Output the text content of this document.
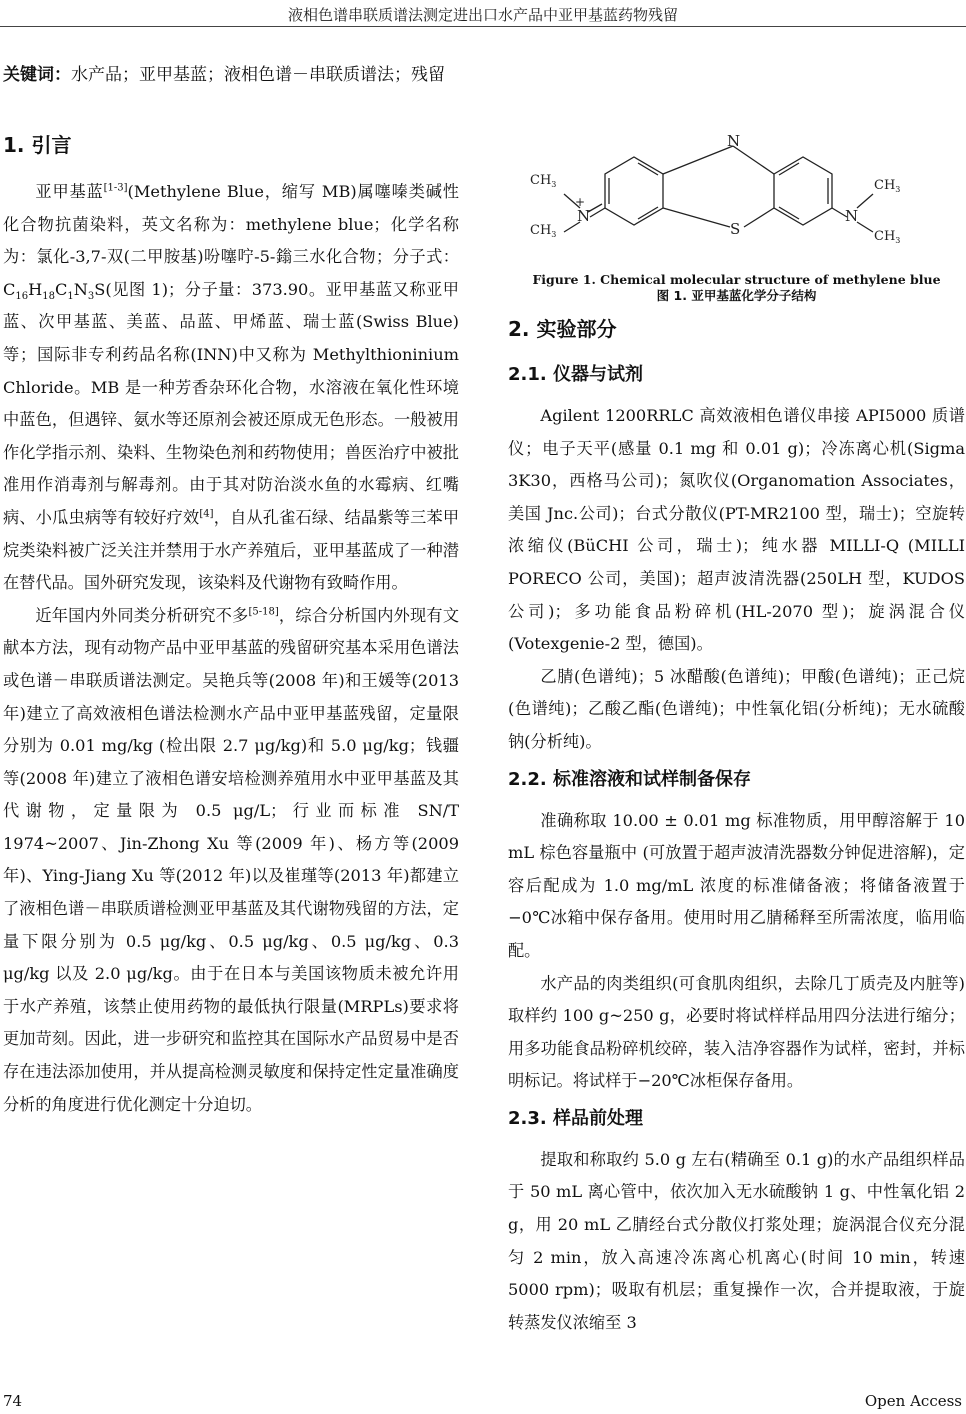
液相色谱串联质谱法测定进出口水产品中亚甲基蓝药物残留
关键词：水产品；亚甲基蓝；液相色谱－串联质谱法；残留
1. 引言

亚甲基蓝[1-3](Methylene Blue，缩写 MB)属噻嗪类碱性化合物抗菌染料，英文名称为：methylene blue；化学名称为：氯化-3,7-双(二甲胺基)吩噻咛-5-鎓三水化合物；分子式：$C_{16}H_{18}C_1N_3S$(见图 1)；分子量：373.90。亚甲基蓝又称亚甲蓝、次甲基蓝、美蓝、品蓝、甲烯蓝、瑞士蓝(Swiss Blue)等；国际非专利药品名称(INN)中又称为 Methylthioninium Chloride。MB 是一种芳香杂环化合物，水溶液在氧化性环境中蓝色，但遇锌、氨水等还原剂会被还原成无色形态。一般被用作化学指示剂、染料、生物染色剂和药物使用；兽医治疗中被批准用作消毒剂与解毒剂。由于其对防治淡水鱼的水霉病、红嘴病、小瓜虫病等有较好疗效[4]，自从孔雀石绿、结晶紫等三苯甲烷类染料被广泛关注并禁用于水产养殖后，亚甲基蓝成了一种潜在替代品。国外研究发现，该染料及代谢物有致畸作用。

近年国内外同类分析研究不多[5-18]，综合分析国内外现有文献本方法，现有动物产品中亚甲基蓝的残留研究基本采用色谱法或色谱－串联质谱法测定。吴艳兵等(2008 年)和王媛等(2013 年)建立了高效液相色谱法检测水产品中亚甲基蓝残留，定量限分别为 0.01 mg/kg (检出限 2.7 μg/kg)和 5.0 μg/kg；钱疆等(2008 年)建立了液相色谱安培检测养殖用水中亚甲基蓝及其代谢物，定量限为 0.5 μg/L；行业而标准 SN/T 1974~2007、Jin-Zhong Xu 等(2009 年)、杨方等(2009 年)、Ying-Jiang Xu 等(2012 年)以及崔瑾等(2013 年)都建立了液相色谱－串联质谱检测亚甲基蓝及其代谢物残留的方法，定量下限分别为 0.5 μg/kg、0.5 μg/kg、0.5 μg/kg、0.3 μg/kg 以及 2.0 μg/kg。由于在日本与美国该物质未被允许用于水产养殖，该禁止使用药物的最低执行限量(MRPLs)要求将更加苛刻。因此，进一步研究和监控其在国际水产品贸易中是否存在违法添加使用，并从提高检测灵敏度和保持定性定量准确度分析的角度进行优化测定十分迫切。

N
S
N
+
N
$CH_3$
$CH_3$
$CH_3$
$CH_3$
Figure 1. Chemical molecular structure of methylene blue
图 1. 亚甲基蓝化学分子结构
2. 实验部分
2.1. 仪器与试剂

Agilent 1200RRLC 高效液相色谱仪串接 API5000 质谱仪；电子天平(感量 0.1 mg 和 0.01 g)；冷冻离心机(Sigma 3K30，西格马公司)；氮吹仪(Organomation Associates，美国 Jnc.公司)；台式分散仪(PT-MR2100 型，瑞士)；空旋转浓缩仪(BüCHI 公司，瑞士)；纯水器 MILLI-Q (MILLI PORECO 公司，美国)；超声波清洗器(250LH 型，KUDOS 公司)；多功能食品粉碎机(HL-2070 型)；旋涡混合仪(Votexgenie-2 型，德国)。

乙腈(色谱纯)；5 冰醋酸(色谱纯)；甲酸(色谱纯)；正己烷(色谱纯)；乙酸乙酯(色谱纯)；中性氧化铝(分析纯)；无水硫酸钠(分析纯)。

2.2. 标准溶液和试样制备保存

准确称取 10.00 ± 0.01 mg 标准物质，用甲醇溶解于 10 mL 棕色容量瓶中 (可放置于超声波清洗器数分钟促进溶解)，定容后配成为 1.0 mg/mL 浓度的标准储备液；将储备液置于−0℃冰箱中保存备用。使用时用乙腈稀释至所需浓度，临用临配。

水产品的肉类组织(可食肌肉组织，去除几丁质壳及内脏等)取样约 100 g~250 g，必要时将试样样品用四分法进行缩分；用多功能食品粉碎机绞碎，装入洁净容器作为试样，密封，并标明标记。将试样于−20℃冰柜保存备用。

2.3. 样品前处理

提取和称取约 5.0 g 左右(精确至 0.1 g)的水产品组织样品于 50 mL 离心管中，依次加入无水硫酸钠 1 g、中性氧化铝 2 g，用 20 mL 乙腈经台式分散仪打浆处理；旋涡混合仪充分混匀 2 min，放入高速冷冻离心机离心(时间 10 min，转速 5000 rpm)；吸取有机层；重复操作一次，合并提取液，于旋转蒸发仪浓缩至 3

74	Open Access
